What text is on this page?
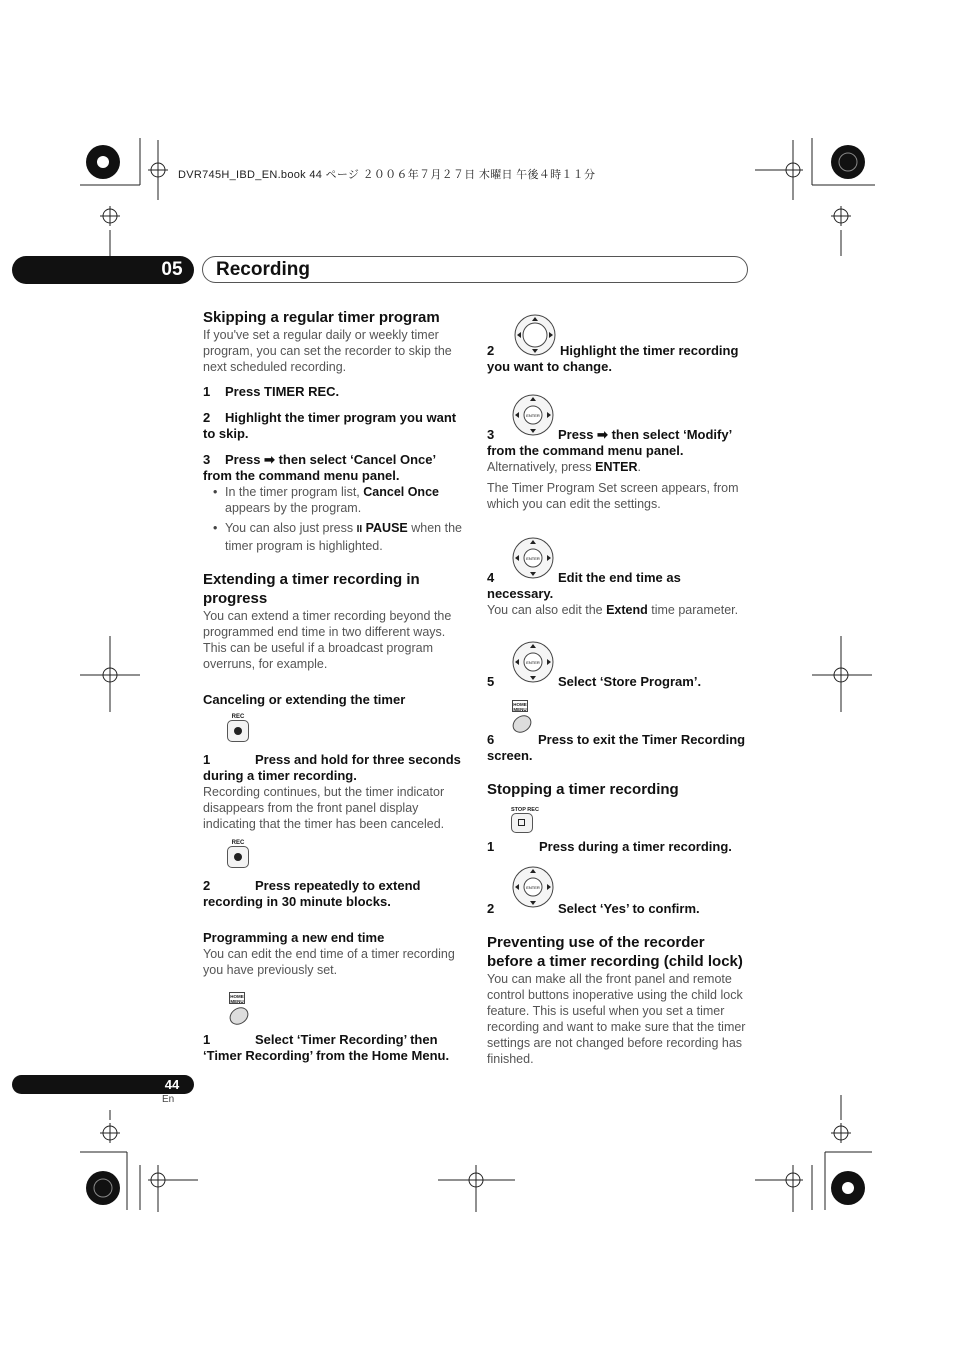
DVR745H_IBD_EN.book 44 ページ ２００６年７月２７日 木曜日 午後４時１１分
05	Recording

Skipping a regular timer program

If you've set a regular daily or weekly timer program, you can set the recorder to skip the next scheduled recording.

1 Press TIMER REC.

2 Highlight the timer program you want to skip.

3 Press ➡ then select ‘Cancel Once’ from the command menu panel.

• In the timer program list, Cancel Once appears by the program.
• You can also just press II PAUSE when the timer program is highlighted.

Extending a timer recording in progress

You can extend a timer recording beyond the programmed end time in two different ways. This can be useful if a broadcast program overruns, for example.

Canceling or extending the timer

REC

1	Press and hold for three seconds during a timer recording.

Recording continues, but the timer indicator disappears from the front panel display indicating that the timer has been canceled.

REC

2	Press repeatedly to extend recording in 30 minute blocks.

Programming a new end time

You can edit the end time of a timer recording you have previously set.

HOME
MENU

1	Select ‘Timer Recording’ then ‘Timer Recording’ from the Home Menu.

2	Highlight the timer recording you want to change.

ENTER

3	Press ➡ then select ‘Modify’ from the command menu panel.

Alternatively, press ENTER.

The Timer Program Set screen appears, from which you can edit the settings.

ENTER

4	Edit the end time as necessary.

You can also edit the Extend time parameter.

ENTER

5	Select ‘Store Program’.

HOME
MENU

6	Press to exit the Timer Recording screen.

Stopping a timer recording

STOP REC

1	Press during a timer recording.

ENTER

2	Select ‘Yes’ to confirm.

Preventing use of the recorder before a timer recording (child lock)

You can make all the front panel and remote control buttons inoperative using the child lock feature. This is useful when you set a timer recording and want to make sure that the timer settings are not changed before recording has finished.

44
En
